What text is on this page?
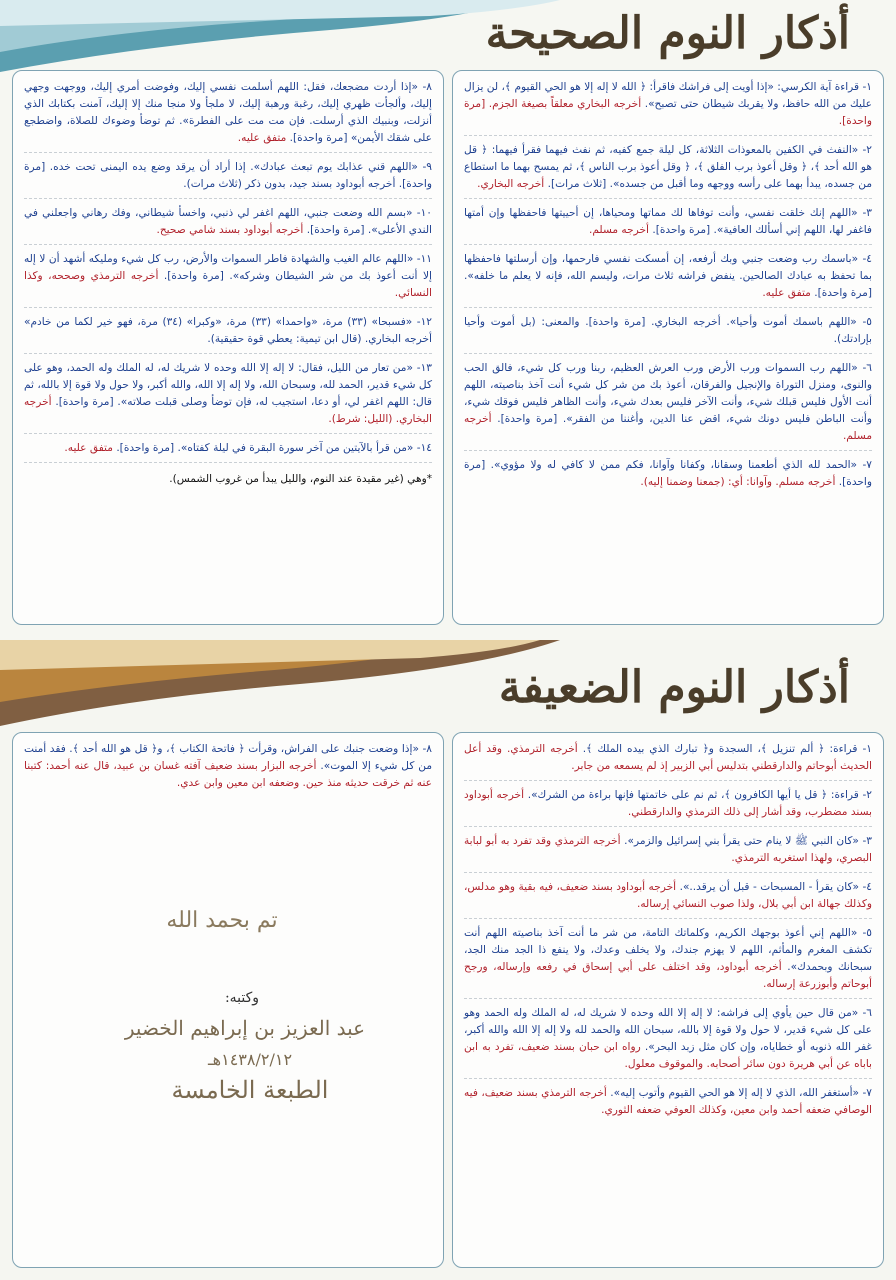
أذكار النوم الصحيحة
١- قراءة آية الكرسي: «إذا أويت إلى فراشك فاقرأ: ﴿ الله لا إله إلا هو الحي القيوم ﴾، لن يزال عليك من الله حافظ، ولا يقربك شيطان حتى تصبح». أخرجه البخاري معلقاً بصيغة الجزم. [مرة واحدة].
٢- «النفث في الكفين بالمعوذات الثلاثة، كل ليلة جمع كفيه، ثم نفث فيهما فقرأ فيهما: ﴿ قل هو الله أحد ﴾، ﴿ وقل أعوذ برب الفلق ﴾، ﴿ وقل أعوذ برب الناس ﴾، ثم يمسح بهما ما استطاع من جسده، يبدأ بهما على رأسه ووجهه وما أقبل من جسده». [ثلاث مرات]. أخرجه البخاري.
٣- «اللهم إنك خلقت نفسي، وأنت توفاها لك مماتها ومحياها، إن أحييتها فاحفظها وإن أمتها فاغفر لها، اللهم إني أسألك العافية». [مرة واحدة]. أخرجه مسلم.
٤- «باسمك رب وضعت جنبي وبك أرفعه، إن أمسكت نفسي فارحمها، وإن أرسلتها فاحفظها بما تحفظ به عبادك الصالحين. ينفض فراشه ثلاث مرات، وليسم الله، فإنه لا يعلم ما خلفه». [مرة واحدة]. متفق عليه.
٥- «اللهم باسمك أموت وأحيا». أخرجه البخاري. [مرة واحدة]. والمعنى: (بل أموت وأحيا بإرادتك).
٦- «اللهم رب السموات ورب الأرض ورب العرش العظيم، ربنا ورب كل شيء، فالق الحب والنوى، ومنزل التوراة والإنجيل والفرقان، أعوذ بك من شر كل شيء أنت آخذ بناصيته، اللهم أنت الأول فليس قبلك شيء، وأنت الآخر فليس بعدك شيء، وأنت الظاهر فليس فوقك شيء، وأنت الباطن فليس دونك شيء، اقض عنا الدين، وأغننا من الفقر». [مرة واحدة]. أخرجه مسلم.
٧- «الحمد لله الذي أطعمنا وسقانا، وكفانا وآوانا، فكم ممن لا كافي له ولا مؤوي». [مرة واحدة]. أخرجه مسلم. وآوانا: أي: (جمعنا وضمنا إليه).
٨- «إذا أردت مضجعك، فقل: اللهم أسلمت نفسي إليك، وفوضت أمري إليك، ووجهت وجهي إليك، وألجأت ظهري إليك، رغبة ورهبة إليك، لا ملجأ ولا منجا منك إلا إليك، آمنت بكتابك الذي أنزلت، وبنبيك الذي أرسلت. فإن مت مت على الفطرة». ثم توضأ وضوءك للصلاة، واضطجع على شقك الأيمن» [مرة واحدة]. متفق عليه.
٩- «اللهم قني عذابك يوم تبعث عبادك». إذا أراد أن يرقد وضع يده اليمنى تحت خده. [مرة واحدة]. أخرجه أبوداود بسند جيد، بدون ذكر (ثلاث مرات).
١٠- «بسم الله وضعت جنبي، اللهم اغفر لي ذنبي، واخسأ شيطاني، وفك رهاني واجعلني في الندي الأعلى». [مرة واحدة]. أخرجه أبوداود بسند شامي صحيح.
١١- «اللهم عالم الغيب والشهادة فاطر السموات والأرض، رب كل شيء ومليكه أشهد أن لا إله إلا أنت أعوذ بك من شر الشيطان وشركه». [مرة واحدة]. أخرجه الترمذي وصححه، وكذا النسائي.
١٢- «فسبحا» (٣٣) مرة، «واحمدا» (٣٣) مرة، «وكبرا» (٣٤) مرة، فهو خير لكما من خادم» أخرجه البخاري. (قال ابن تيمية: يعطي قوة حقيقية).
١٣- «من تعار من الليل، فقال: لا إله إلا الله وحده لا شريك له، له الملك وله الحمد، وهو على كل شيء قدير، الحمد لله، وسبحان الله، ولا إله إلا الله، والله أكبر، ولا حول ولا قوة إلا بالله، ثم قال: اللهم اغفر لي، أو دعا، استجيب له، فإن توضأ وصلى قبلت صلاته». [مرة واحدة]. أخرجه البخاري. (الليل: شرط).
١٤- «من قرأ بالآيتين من آخر سورة البقرة في ليلة كفتاه». [مرة واحدة]. متفق عليه.
*وهي (غير مقيدة عند النوم، والليل يبدأ من غروب الشمس).
أذكار النوم الضعيفة
١- قراءة: ﴿ ألم تنزيل ﴾، السجدة و﴿ تبارك الذي بيده الملك ﴾. أخرجه الترمذي. وقد أعل الحديث أبوحاتم والدارقطني بتدليس أبي الزبير إذ لم يسمعه من جابر.
٢- قراءة: ﴿ قل يا أيها الكافرون ﴾، ثم نم على خاتمتها فإنها براءة من الشرك». أخرجه أبوداود بسند مضطرب، وقد أشار إلى ذلك الترمذي والدارقطني.
٣- «كان النبي ﷺ لا ينام حتى يقرأ بني إسرائيل والزمر». أخرجه الترمذي وقد تفرد به أبو لبابة البصري، ولهذا استغربه الترمذي.
٤- «كان يقرأ - المسبحات - قبل أن يرقد..». أخرجه أبوداود بسند ضعيف، فيه بقية وهو مدلس، وكذلك جهالة ابن أبي بلال، ولذا صوب النسائي إرساله.
٥- «اللهم إني أعوذ بوجهك الكريم، وكلماتك التامة، من شر ما أنت آخذ بناصيته اللهم أنت تكشف المغرم والمأثم، اللهم لا يهزم جندك، ولا يخلف وعدك، ولا ينفع ذا الجد منك الجد، سبحانك وبحمدك». أخرجه أبوداود، وقد اختلف على أبي إسحاق في رفعه وإرساله، ورجح أبوحاتم وأبوزرعة إرساله.
٦- «من قال حين يأوي إلى فراشه: لا إله إلا الله وحده لا شريك له، له الملك وله الحمد وهو على كل شيء قدير، لا حول ولا قوة إلا بالله، سبحان الله والحمد لله ولا إله إلا الله والله أكبر، غفر الله ذنوبه أو خطاياه، وإن كان مثل زبد البحر». رواه ابن حبان بسند ضعيف، تفرد به ابن باباه عن أبي هريرة دون سائر أصحابه. والموقوف معلول.
٧- «أستغفر الله، الذي لا إله إلا هو الحي القيوم وأتوب إليه». أخرجه الترمذي بسند ضعيف، فيه الوصافي ضعفه أحمد وابن معين، وكذلك العوفي ضعفه الثوري.
٨- «إذا وضعت جنبك على الفراش، وقرأت ﴿ فاتحة الكتاب ﴾، و﴿ قل هو الله أحد ﴾. فقد أمنت من كل شيء إلا الموت». أخرجه البزار بسند ضعيف آفته غسان بن عبيد، قال عنه أحمد: كتبنا عنه ثم خرقت حديثه منذ حين. وضعفه ابن معين وابن عدي.
تم بحمد الله
وكتبه:
عبد العزيز بن إبراهيم الخضير
١٤٣٨/٢/١٢هـ
الطبعة الخامسة
